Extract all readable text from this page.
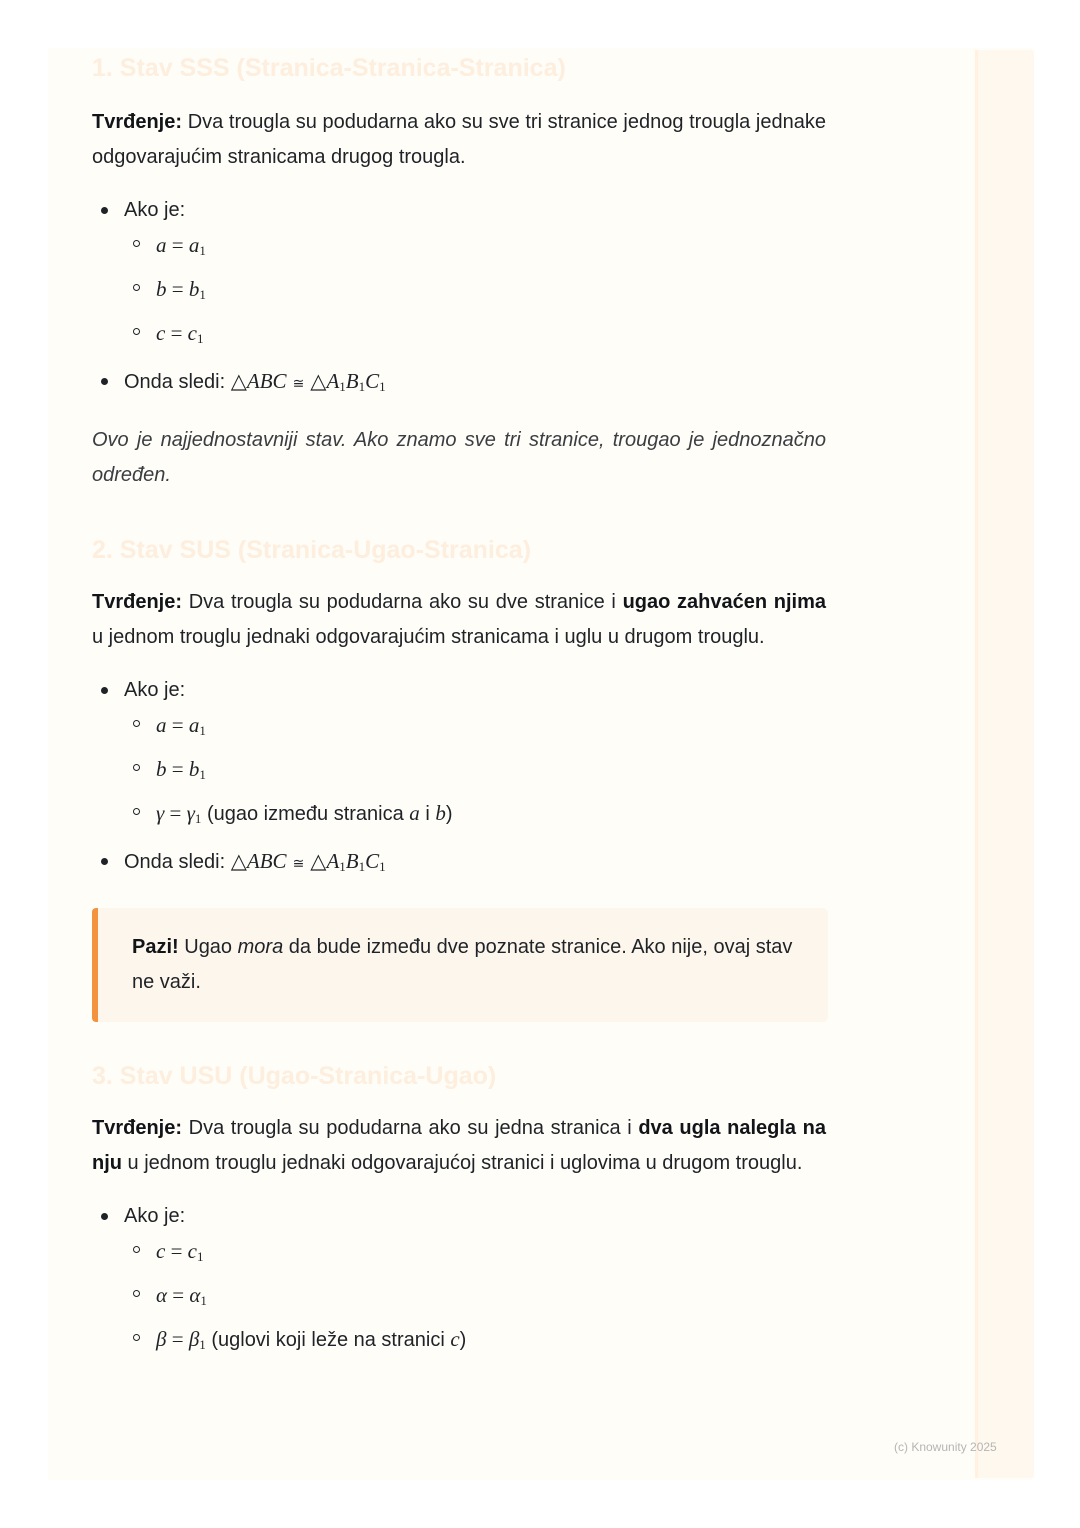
1. Stav SSS (Stranica-Stranica-Stranica)

Tvrđenje: Dva trougla su podudarna ako su sve tri stranice jednog trougla jednake odgovarajućim stranicama drugog trougla.

Ako je:
$a = a_1$
$b = b_1$
$c = c_1$
Onda sledi: △ABC ≅ $\triangle A_1B_1C_1$

Ovo je najjednostavniji stav. Ako znamo sve tri stranice, trougao je jednoznačno određen.

2. Stav SUS (Stranica-Ugao-Stranica)

Tvrđenje: Dva trougla su podudarna ako su dve stranice i ugao zahvaćen njima u jednom trouglu jednaki odgovarajućim stranicama i uglu u drugom trouglu.

Ako je:
$a = a_1$
$b = b_1$
$\gamma = \gamma_1$ (ugao između stranica a i b)
Onda sledi: △ABC ≅ $\triangle A_1B_1C_1$

Pazi! Ugao mora da bude između dve poznate stranice. Ako nije, ovaj stav ne važi.

3. Stav USU (Ugao-Stranica-Ugao)

Tvrđenje: Dva trougla su podudarna ako su jedna stranica i dva ugla nalegla na nju u jednom trouglu jednaki odgovarajućoj stranici i uglovima u drugom trouglu.

Ako je:
$c = c_1$
$\alpha = \alpha_1$
$\beta = \beta_1$ (uglovi koji leže na stranici c)
(c) Knowunity 2025
